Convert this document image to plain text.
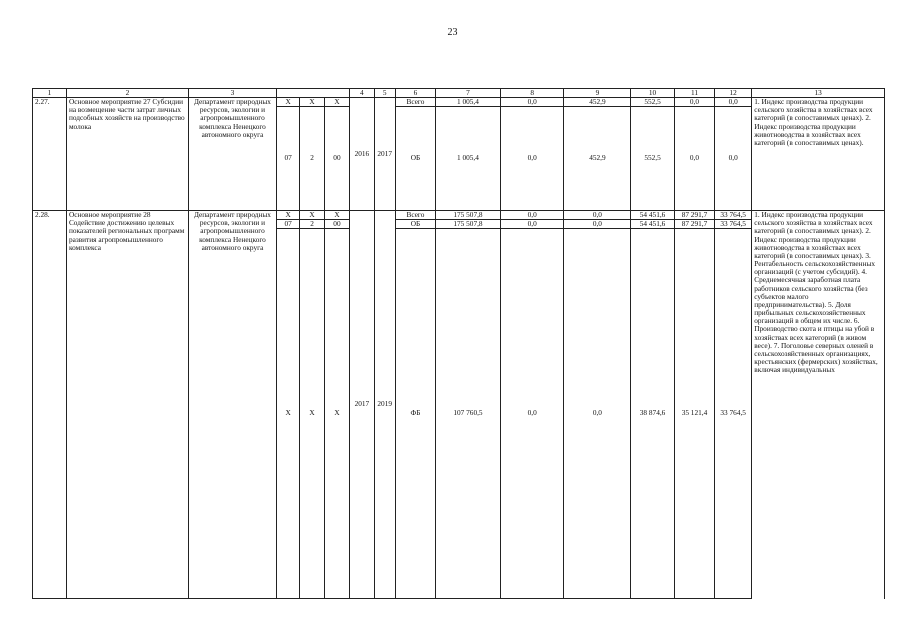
23
1	2	3				4	5	6	7	8	9	10	11	12	13
2.27.	Основное мероприятие 27 Субсидии на возмещение части затрат личных подсобных хозяйств на производство молока	Департамент природных ресурсов, экологии и агропромышленного комплекса Ненецкого автономного округа	Х	Х	Х	2016	2017	Всего	1 005,4	0,0	452,9	552,5	0,0	0,0	1. Индекс производства продукции сельского хозяйства в хозяйствах всех категорий (в сопоставимых ценах). 2. Индекс производства продукции животноводства в хозяйствах всех категорий (в сопоставимых ценах).
			07	2	00			ОБ	1 005,4	0,0	452,9	552,5	0,0	0,0	
2.28.	Основное мероприятие 28 Содействие достижению целевых показателей региональных программ развития агропромышленного комплекса	Департамент природных ресурсов, экологии и агропромышленного комплекса Ненецкого автономного округа	Х	Х	Х	2017	2019	Всего	175 507,8	0,0	0,0	54 451,6	87 291,7	33 764,5	1. Индекс производства продукции сельского хозяйства в хозяйствах всех категорий (в сопоставимых ценах). 2. Индекс производства продукции животноводства в хозяйствах всех категорий (в сопоставимых ценах). 3. Рентабельность сельскохозяйственных организаций (с учетом субсидий). 4. Среднемесячная заработная плата работников сельского хозяйства (без субъектов малого предпринимательства). 5. Доля прибыльных сельскохозяйственных организаций в общем их числе. 6. Производство скота и птицы на убой в хозяйствах всех категорий (в живом весе). 7. Поголовье северных оленей в сельскохозяйственных организациях, крестьянских (фермерских) хозяйствах, включая индивидуальных
			07	2	00			ОБ	175 507,8	0,0	0,0	54 451,6	87 291,7	33 764,5	
			Х	Х	Х			ФБ	107 760,5	0,0	0,0	38 874,6	35 121,4	33 764,5	
